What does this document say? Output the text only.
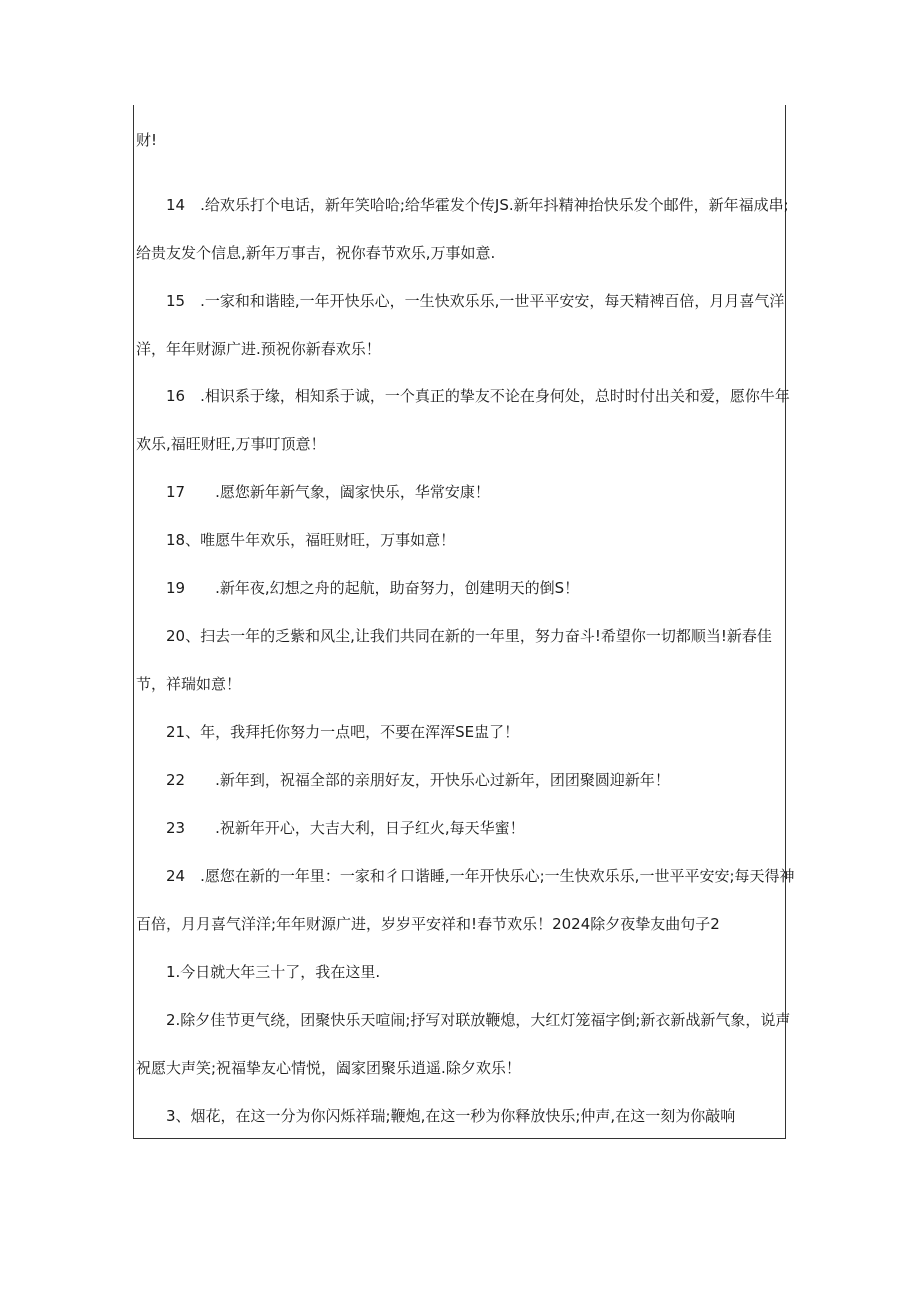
财!
14　.给欢乐打个电话，新年笑哈哈;给华霍发个传JS.新年抖精神抬快乐发个邮件，新年福成串;
给贵友发个信息,新年万事吉，祝你春节欢乐,万事如意.
15　.一家和和谐睦,一年开快乐心，一生快欢乐乐,一世平平安安，每天精裨百倍，月月喜气洋
洋，年年财源广进.预祝你新春欢乐！
16　.相识系于缘，相知系于诚，一个真正的挚友不论在身何处，总时时付出关和爱，愿你牛年
欢乐,福旺财旺,万事叮顶意！
17　　.愿您新年新气象，阖家快乐，华常安康！
18、唯愿牛年欢乐，福旺财旺，万事如意！
19　　.新年夜,幻想之舟的起航，助奋努力，创建明天的倒S！
20、扫去一年的乏紫和风尘,让我们共同在新的一年里，努力奋斗!希望你一切都顺当!新春佳
节，祥瑞如意！
21、年，我拜托你努力一点吧，不要在浑浑SE盅了！
22　　.新年到，祝福全部的亲朋好友，开快乐心过新年，团团聚圆迎新年！
23　　.祝新年开心，大吉大利，日子红火,每天华蜜！
24　.愿您在新的一年里：一家和彳口谐睡,一年开快乐心;一生快欢乐乐,一世平平安安;每天得神
百倍，月月喜气洋洋;年年财源广进，岁岁平安祥和!春节欢乐！2024除夕夜挚友曲句子2
1.今日就大年三十了，我在这里.
2.除夕佳节更气绕，团聚快乐天喧闹;抒写对联放鞭熄，大红灯笼福字倒;新衣新战新气象，说声
祝愿大声笑;祝福挚友心情悦，阖家团聚乐逍遥.除夕欢乐！
3、烟花，在这一分为你闪烁祥瑞;鞭炮,在这一秒为你释放快乐;仲声,在这一刻为你敲响
